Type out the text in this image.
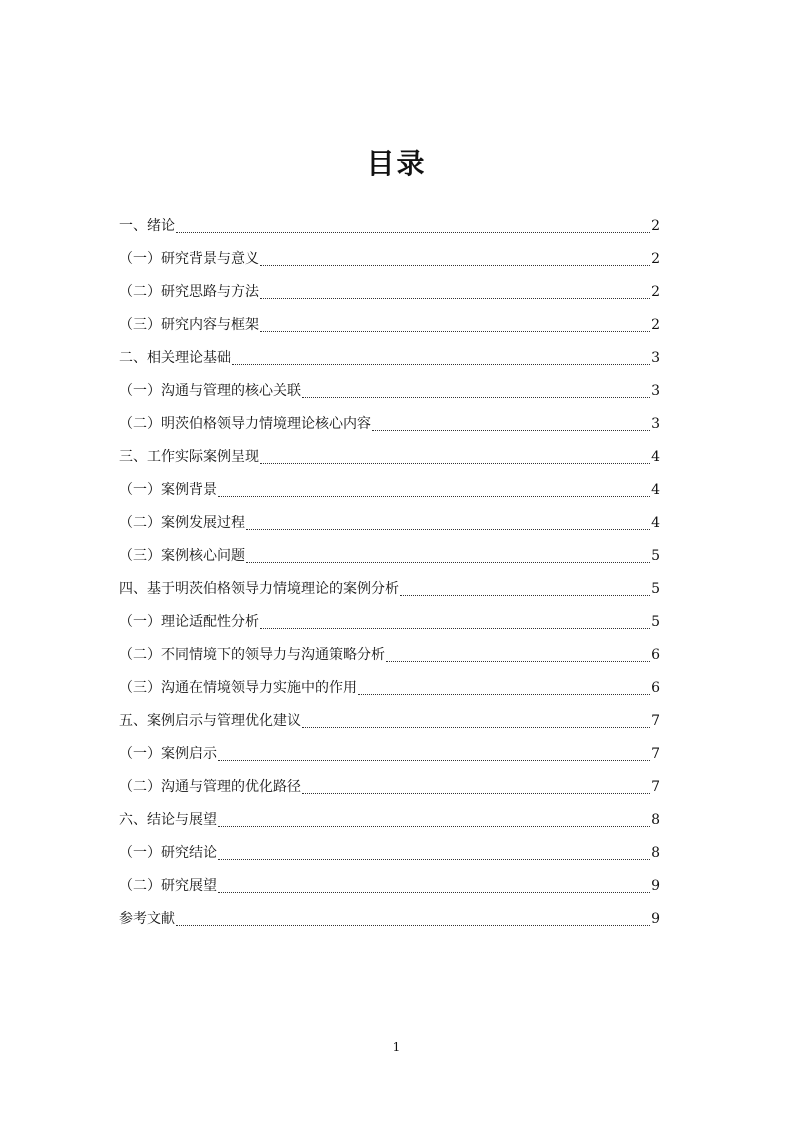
目录
一、绪论	2
（一）研究背景与意义	2
（二）研究思路与方法	2
（三）研究内容与框架	2
二、相关理论基础	3
（一）沟通与管理的核心关联	3
（二）明茨伯格领导力情境理论核心内容	3
三、工作实际案例呈现	4
（一）案例背景	4
（二）案例发展过程	4
（三）案例核心问题	5
四、基于明茨伯格领导力情境理论的案例分析	5
（一）理论适配性分析	5
（二）不同情境下的领导力与沟通策略分析	6
（三）沟通在情境领导力实施中的作用	6
五、案例启示与管理优化建议	7
（一）案例启示	7
（二）沟通与管理的优化路径	7
六、结论与展望	8
（一）研究结论	8
（二）研究展望	9
参考文献	9
1
